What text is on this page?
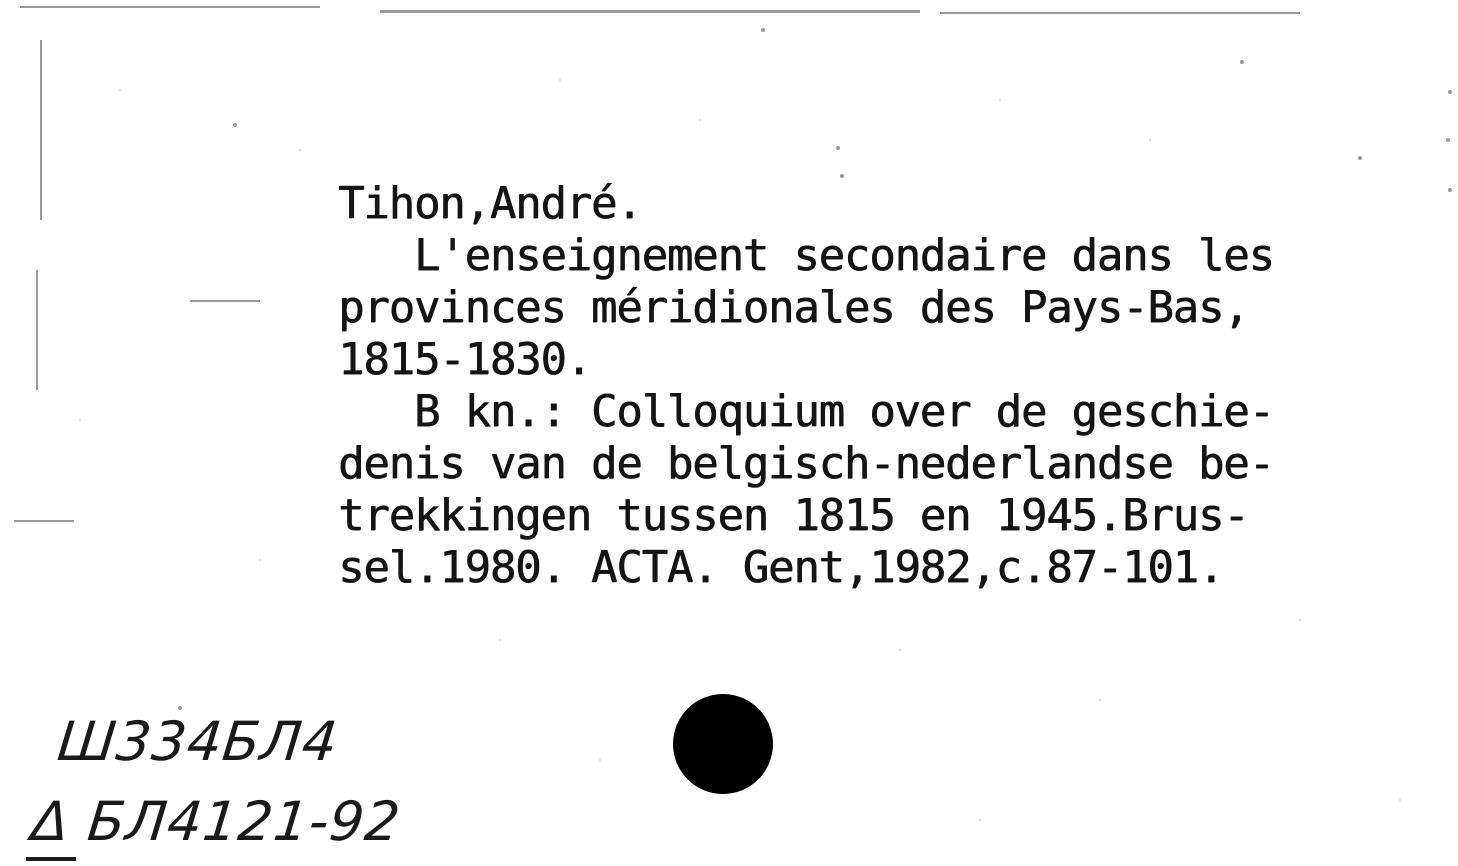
Tihon,André.

L'enseignement secondaire dans les

provinces méridionales des Pays-Bas,

1815-1830.

B kn.: Colloquium over de geschie-

denis van de belgisch-nederlandse be-

trekkingen tussen 1815 en 1945.Brus-

sel.1980. ACTA. Gent,1982,c.87-101.

Ш334БЛ4

Δ БЛ4121-92
